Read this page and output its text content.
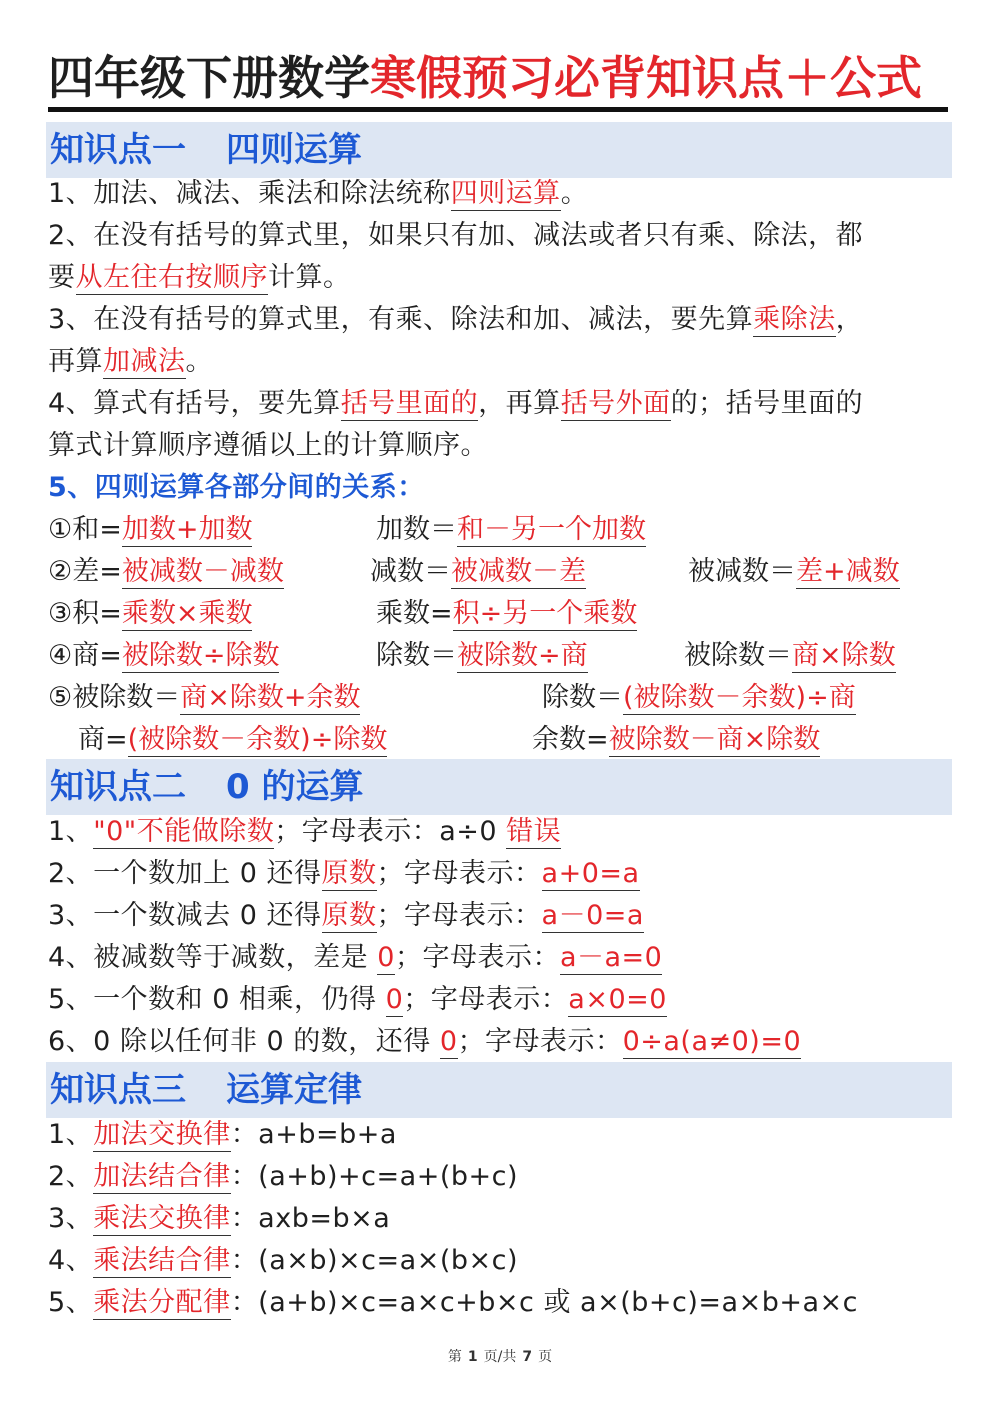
四年级下册数学寒假预习必背知识点＋公式
知识点一 四则运算
1、加法、减法、乘法和除法统称四则运算。
2、在没有括号的算式里，如果只有加、减法或者只有乘、除法，都
要从左往右按顺序计算。
3、在没有括号的算式里，有乘、除法和加、减法，要先算乘除法，
再算加减法。
4、算式有括号，要先算括号里面的，再算括号外面的；括号里面的
算式计算顺序遵循以上的计算顺序。
5、四则运算各部分间的关系：
①和=加数+加数	加数＝和－另一个加数
②差=被减数－减数	减数＝被减数－差	被减数＝差+减数
③积=乘数×乘数	乘数=积÷另一个乘数
④商=被除数÷除数	除数＝被除数÷商	被除数＝商×除数
⑤被除数＝商×除数+余数	除数＝(被除数－余数)÷商
商=(被除数－余数)÷除数	余数=被除数－商×除数
知识点二 0 的运算
1、"0"不能做除数；字母表示：a÷0 错误
2、一个数加上 0 还得原数；字母表示：a+0=a
3、一个数减去 0 还得原数；字母表示：a－0=a
4、被减数等于减数，差是 0；字母表示：a－a=0
5、一个数和 0 相乘，仍得 0；字母表示：a×0=0
6、0 除以任何非 0 的数，还得 0；字母表示：0÷a(a≠0)=0
知识点三 运算定律
1、加法交换律：a+b=b+a
2、加法结合律：(a+b)+c=a+(b+c)
3、乘法交换律：axb=b×a
4、乘法结合律：(a×b)×c=a×(b×c)
5、乘法分配律：(a+b)×c=a×c+b×c 或 a×(b+c)=a×b+a×c
第 1 页/共 7 页
